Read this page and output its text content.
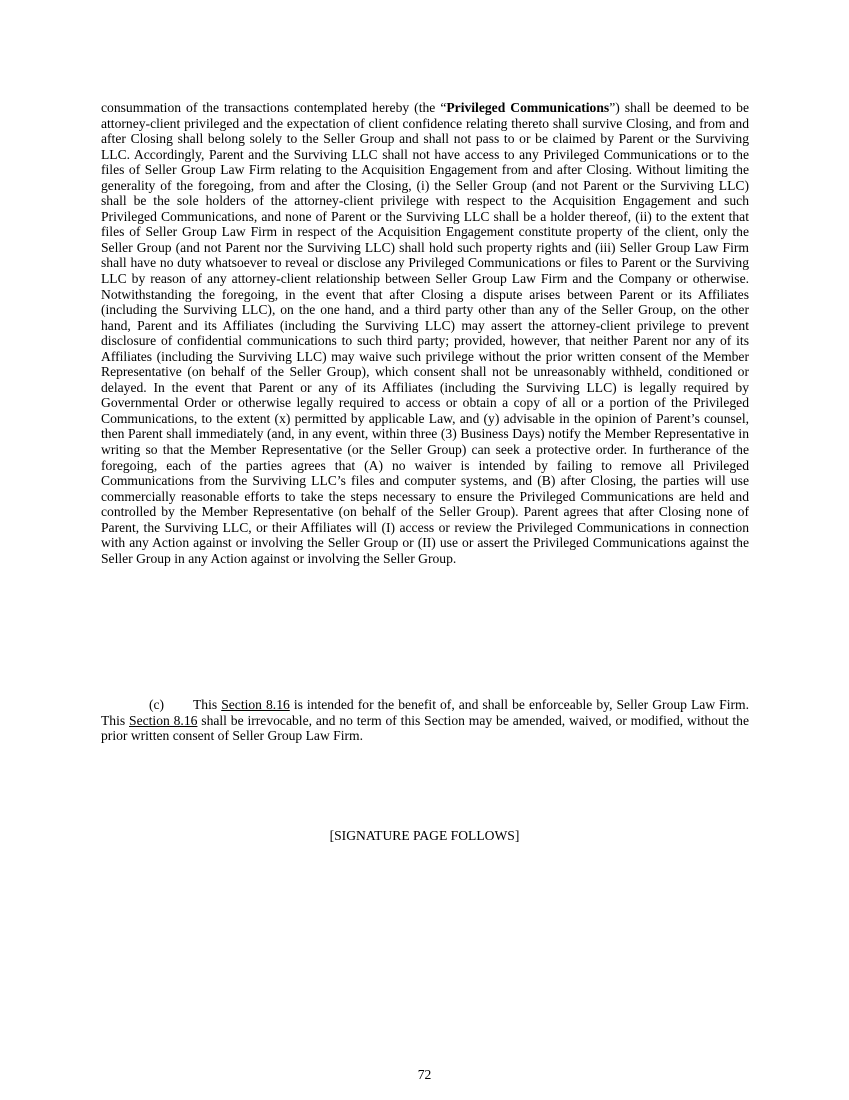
consummation of the transactions contemplated hereby (the “Privileged Communications”) shall be deemed to be attorney-client privileged and the expectation of client confidence relating thereto shall survive Closing, and from and after Closing shall belong solely to the Seller Group and shall not pass to or be claimed by Parent or the Surviving LLC. Accordingly, Parent and the Surviving LLC shall not have access to any Privileged Communications or to the files of Seller Group Law Firm relating to the Acquisition Engagement from and after Closing. Without limiting the generality of the foregoing, from and after the Closing, (i) the Seller Group (and not Parent or the Surviving LLC) shall be the sole holders of the attorney-client privilege with respect to the Acquisition Engagement and such Privileged Communications, and none of Parent or the Surviving LLC shall be a holder thereof, (ii) to the extent that files of Seller Group Law Firm in respect of the Acquisition Engagement constitute property of the client, only the Seller Group (and not Parent nor the Surviving LLC) shall hold such property rights and (iii) Seller Group Law Firm shall have no duty whatsoever to reveal or disclose any Privileged Communications or files to Parent or the Surviving LLC by reason of any attorney-client relationship between Seller Group Law Firm and the Company or otherwise. Notwithstanding the foregoing, in the event that after Closing a dispute arises between Parent or its Affiliates (including the Surviving LLC), on the one hand, and a third party other than any of the Seller Group, on the other hand, Parent and its Affiliates (including the Surviving LLC) may assert the attorney-client privilege to prevent disclosure of confidential communications to such third party; provided, however, that neither Parent nor any of its Affiliates (including the Surviving LLC) may waive such privilege without the prior written consent of the Member Representative (on behalf of the Seller Group), which consent shall not be unreasonably withheld, conditioned or delayed. In the event that Parent or any of its Affiliates (including the Surviving LLC) is legally required by Governmental Order or otherwise legally required to access or obtain a copy of all or a portion of the Privileged Communications, to the extent (x) permitted by applicable Law, and (y) advisable in the opinion of Parent’s counsel, then Parent shall immediately (and, in any event, within three (3) Business Days) notify the Member Representative in writing so that the Member Representative (or the Seller Group) can seek a protective order. In furtherance of the foregoing, each of the parties agrees that (A) no waiver is intended by failing to remove all Privileged Communications from the Surviving LLC’s files and computer systems, and (B) after Closing, the parties will use commercially reasonable efforts to take the steps necessary to ensure the Privileged Communications are held and controlled by the Member Representative (on behalf of the Seller Group). Parent agrees that after Closing none of Parent, the Surviving LLC, or their Affiliates will (I) access or review the Privileged Communications in connection with any Action against or involving the Seller Group or (II) use or assert the Privileged Communications against the Seller Group in any Action against or involving the Seller Group.
(c) This Section 8.16 is intended for the benefit of, and shall be enforceable by, Seller Group Law Firm. This Section 8.16 shall be irrevocable, and no term of this Section may be amended, waived, or modified, without the prior written consent of Seller Group Law Firm.
[SIGNATURE PAGE FOLLOWS]
72
